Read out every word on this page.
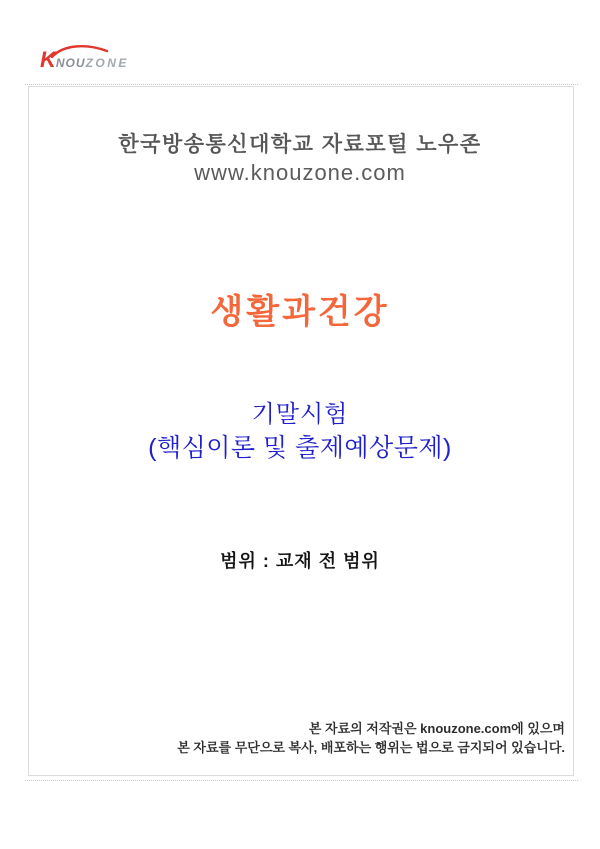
KNOUZONE
한국방송통신대학교 자료포털 노우존
www.knouzone.com
생활과건강
기말시험
(핵심이론 및 출제예상문제)
범위 : 교재 전 범위
본 자료의 저작권은 knouzone.com에 있으며
본 자료를 무단으로 복사, 배포하는 행위는 법으로 금지되어 있습니다.
